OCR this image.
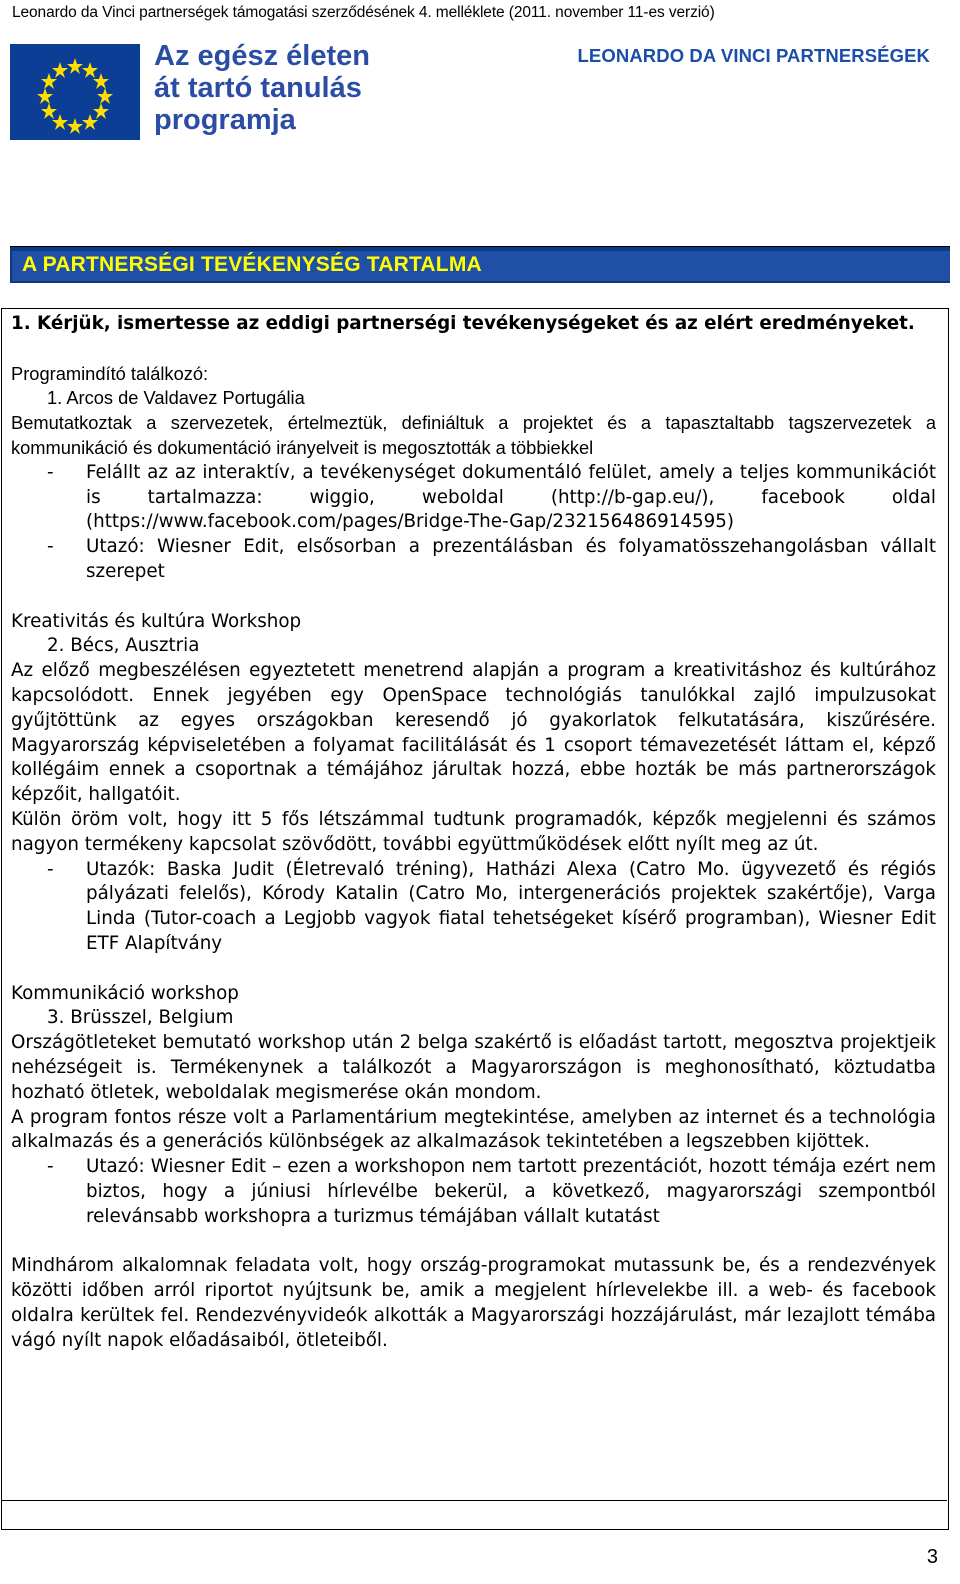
Leonardo da Vinci partnerségek támogatási szerződésének 4. melléklete (2011. november 11-es verzió)
Az egész életen
át tartó tanulás
programja
LEONARDO DA VINCI PARTNERSÉGEK
A PARTNERSÉGI TEVÉKENYSÉG TARTALMA

1. Kérjük, ismertesse az eddigi partnerségi tevékenységeket és az elért eredményeket.

Programindító találkozó:

1. Arcos de Valdavez Portugália

Bemutatkoztak a szervezetek, értelmeztük, definiáltuk a projektet és a tapasztaltabb tagszervezetek a kommunikáció és dokumentáció irányelveit is megosztották a többiekkel

- Felállt az az interaktív, a tevékenységet dokumentáló felület, amely a teljes kommunikációt is tartalmazza: wiggio, weboldal (http://b-gap.eu/), facebook oldal (https://www.facebook.com/pages/Bridge-The-Gap/232156486914595)

- Utazó: Wiesner Edit, elsősorban a prezentálásban és folyamatösszehangolásban vállalt szerepet

Kreativitás és kultúra Workshop

2. Bécs, Ausztria

Az előző megbeszélésen egyeztetett menetrend alapján a program a kreativitáshoz és kultúrához kapcsolódott. Ennek jegyében egy OpenSpace technológiás tanulókkal zajló impulzusokat gyűjtöttünk az egyes országokban keresendő jó gyakorlatok felkutatására, kiszűrésére. Magyarország képviseletében a folyamat facilitálását és 1 csoport témavezetését láttam el, képző kollégáim ennek a csoportnak a témájához járultak hozzá, ebbe hozták be más partnerországok képzőit, hallgatóit.

Külön öröm volt, hogy itt 5 fős létszámmal tudtunk programadók, képzők megjelenni és számos nagyon termékeny kapcsolat szövődött, további együttműködések előtt nyílt meg az út.

- Utazók: Baska Judit (Életrevaló tréning), Hatházi Alexa (Catro Mo. ügyvezető és régiós pályázati felelős), Kórody Katalin (Catro Mo, intergenerációs projektek szakértője), Varga Linda (Tutor-coach a Legjobb vagyok fiatal tehetségeket kísérő programban), Wiesner Edit ETF Alapítvány

Kommunikáció workshop

3. Brüsszel, Belgium

Országötleteket bemutató workshop után 2 belga szakértő is előadást tartott, megosztva projektjeik nehézségeit is. Termékenynek a találkozót a Magyarországon is meghonosítható, köztudatba hozható ötletek, weboldalak megismerése okán mondom.

A program fontos része volt a Parlamentárium megtekintése, amelyben az internet és a technológia alkalmazás és a generációs különbségek az alkalmazások tekintetében a legszebben kijöttek.

- Utazó: Wiesner Edit – ezen a workshopon nem tartott prezentációt, hozott témája ezért nem biztos, hogy a júniusi hírlevélbe bekerül, a következő, magyarországi szempontból relevánsabb workshopra a turizmus témájában vállalt kutatást

Mindhárom alkalomnak feladata volt, hogy ország-programokat mutassunk be, és a rendezvények közötti időben arról riportot nyújtsunk be, amik a megjelent hírlevelekbe ill. a web- és facebook oldalra kerültek fel. Rendezvényvideók alkották a Magyarországi hozzájárulást, már lezajlott témába vágó nyílt napok előadásaiból, ötleteiből.

3
